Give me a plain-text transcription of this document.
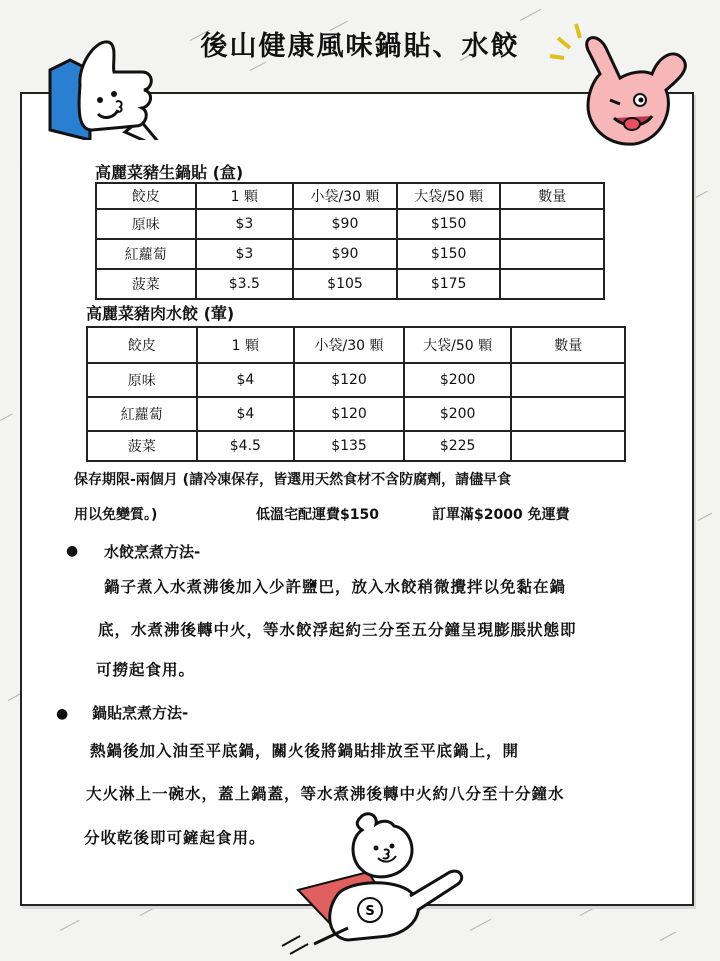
後山健康風味鍋貼、水餃
高麗菜豬生鍋貼 (盒)
餃皮	1 顆	小袋/30 顆	大袋/50 顆	數量
原味	$3	$90	$150	
紅蘿蔔	$3	$90	$150	
菠菜	$3.5	$105	$175	
高麗菜豬肉水餃 (葷)
餃皮	1 顆	小袋/30 顆	大袋/50 顆	數量
原味	$4	$120	$200	
紅蘿蔔	$4	$120	$200	
菠菜	$4.5	$135	$225	
保存期限-兩個月 (請冷凍保存，皆選用天然食材不含防腐劑，請儘早食
用以免變質。)	低溫宅配運費$150	訂單滿$2000 免運費
● 水餃烹煮方法-
鍋子煮入水煮沸後加入少許鹽巴，放入水餃稍微攪拌以免黏在鍋
底，水煮沸後轉中火，等水餃浮起約三分至五分鐘呈現膨脹狀態即
可撈起食用。
● 鍋貼烹煮方法-
熱鍋後加入油至平底鍋，關火後將鍋貼排放至平底鍋上，開
大火淋上一碗水，蓋上鍋蓋，等水煮沸後轉中火約八分至十分鐘水
分收乾後即可鏟起食用。
S
